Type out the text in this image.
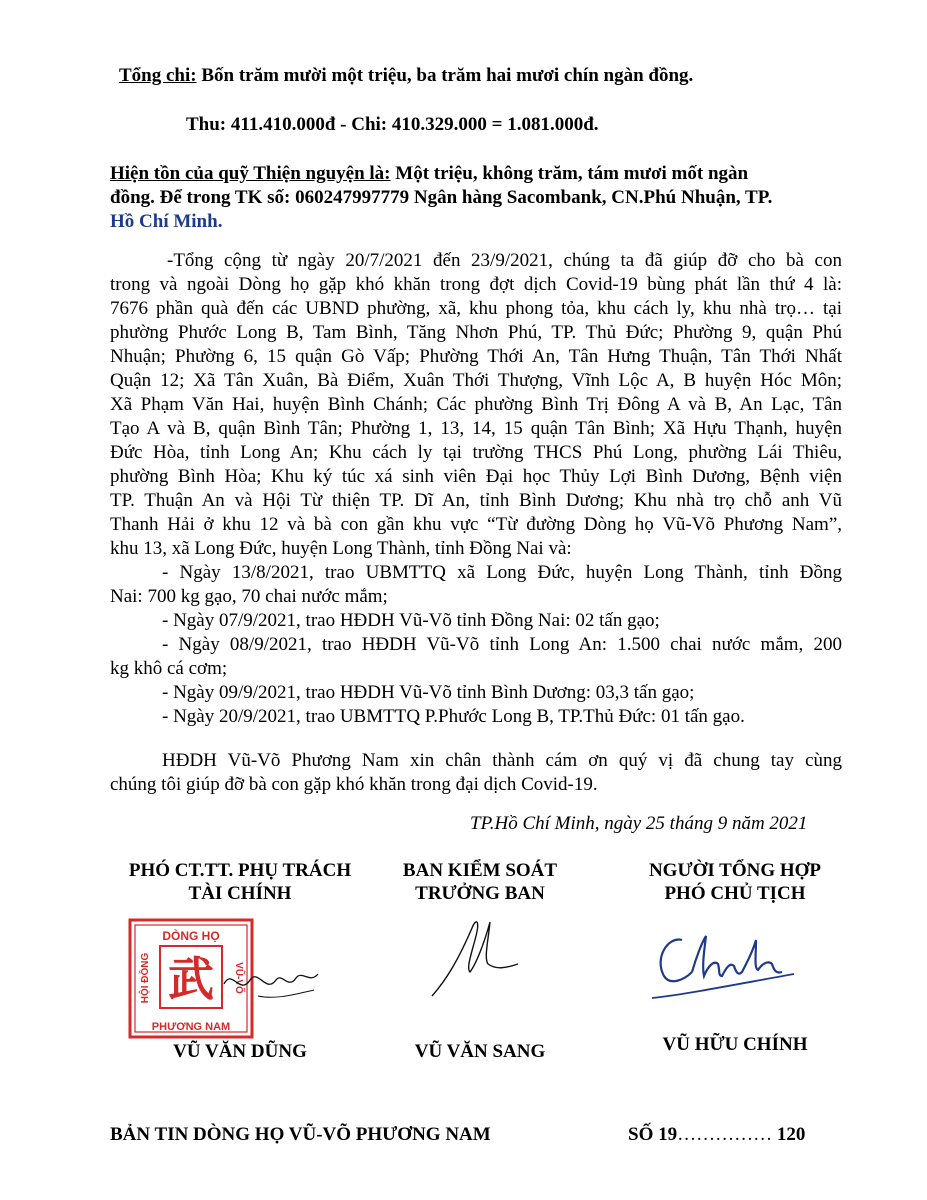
Tổng chi: Bốn trăm mười một triệu, ba trăm hai mươi chín ngàn đồng.
Thu: 411.410.000đ - Chi: 410.329.000 = 1.081.000đ.
Hiện tồn của quỹ Thiện nguyện là: Một triệu, không trăm, tám mươi mốt ngàn
đồng. Để trong TK số: 060247997779 Ngân hàng Sacombank, CN.Phú Nhuận, TP.
Hồ Chí Minh.
-Tổng cộng từ ngày 20/7/2021 đến 23/9/2021, chúng ta đã giúp đỡ cho bà con
trong và ngoài Dòng họ gặp khó khăn trong đợt dịch Covid-19 bùng phát lần thứ 4 là:
7676 phần quà đến các UBND phường, xã, khu phong tỏa, khu cách ly, khu nhà trọ… tại
phường Phước Long B, Tam Bình, Tăng Nhơn Phú, TP. Thủ Đức; Phường 9, quận Phú
Nhuận; Phường 6, 15 quận Gò Vấp; Phường Thới An, Tân Hưng Thuận, Tân Thới Nhất
Quận 12; Xã Tân Xuân, Bà Điểm, Xuân Thới Thượng, Vĩnh Lộc A, B huyện Hóc Môn;
Xã Phạm Văn Hai, huyện Bình Chánh; Các phường Bình Trị Đông A và B, An Lạc, Tân
Tạo A và B, quận Bình Tân; Phường 1, 13, 14, 15 quận Tân Bình; Xã Hựu Thạnh, huyện
Đức Hòa, tỉnh Long An; Khu cách ly tại trường THCS Phú Long, phường Lái Thiêu,
phường Bình Hòa; Khu ký túc xá sinh viên Đại học Thủy Lợi Bình Dương, Bệnh viện
TP. Thuận An và Hội Từ thiện TP. Dĩ An, tỉnh Bình Dương; Khu nhà trọ chỗ anh Vũ
Thanh Hải ở khu 12 và bà con gần khu vực “Từ đường Dòng họ Vũ-Võ Phương Nam”,
khu 13, xã Long Đức, huyện Long Thành, tỉnh Đồng Nai và:
- Ngày 13/8/2021, trao UBMTTQ xã Long Đức, huyện Long Thành, tỉnh Đồng
Nai: 700 kg gạo, 70 chai nước mắm;
- Ngày 07/9/2021, trao HĐDH Vũ-Võ tỉnh Đồng Nai: 02 tấn gạo;
- Ngày 08/9/2021, trao HĐDH Vũ-Võ tỉnh Long An: 1.500 chai nước mắm, 200
kg khô cá cơm;
- Ngày 09/9/2021, trao HĐDH Vũ-Võ tỉnh Bình Dương: 03,3 tấn gạo;
- Ngày 20/9/2021, trao UBMTTQ P.Phước Long B, TP.Thủ Đức: 01 tấn gạo.
HĐDH Vũ-Võ Phương Nam xin chân thành cám ơn quý vị đã chung tay cùng
chúng tôi giúp đỡ bà con gặp khó khăn trong đại dịch Covid-19.
TP.Hồ Chí Minh, ngày 25 tháng 9 năm 2021
PHÓ CT.TT. PHỤ TRÁCH
TÀI CHÍNH
BAN KIỂM SOÁT
TRƯỞNG BAN
NGƯỜI TỔNG HỢP
PHÓ CHỦ TỊCH
DÒNG HỌ
PHƯƠNG NAM
HỘI ĐỒNG	VŨ-VÕ
武
VŨ VĂN DŨNG	VŨ VĂN SANG	VŨ HỮU CHÍNH
BẢN TIN DÒNG HỌ VŨ-VÕ PHƯƠNG NAM	SỐ 19…………… 120
